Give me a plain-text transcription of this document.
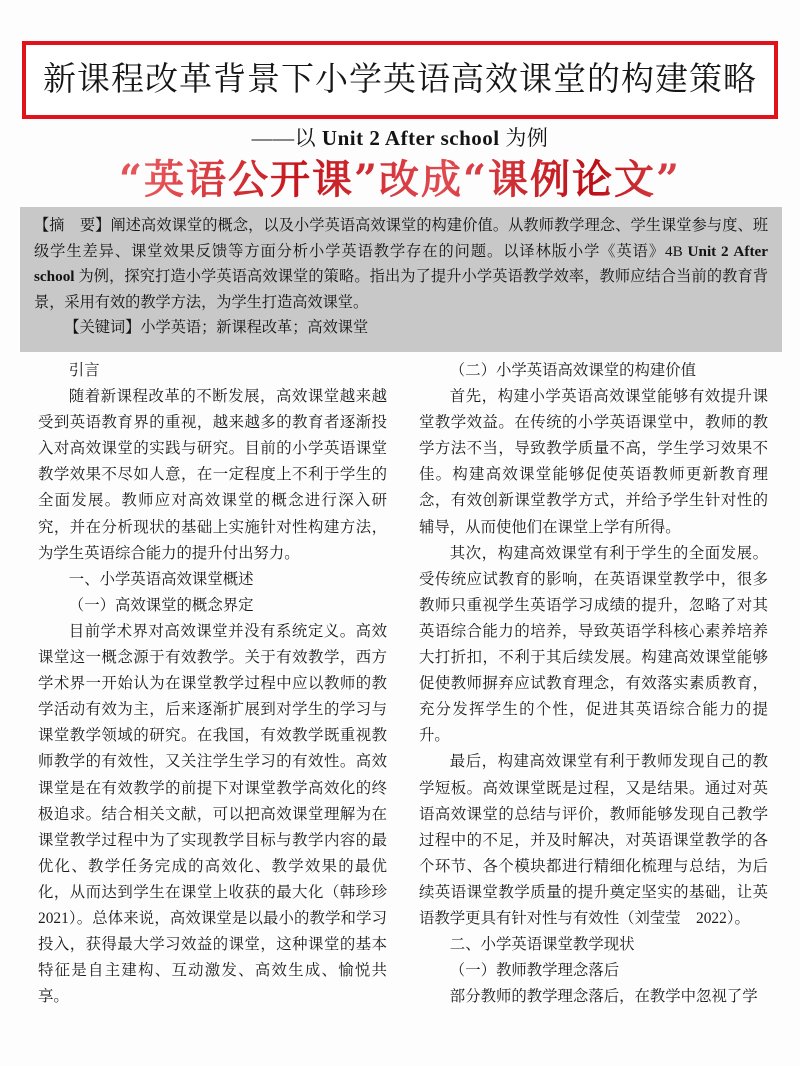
新课程改革背景下小学英语高效课堂的构建策略
——以 Unit 2 After school 为例
“英语公开课”改成“课例论文”
【摘　要】阐述高效课堂的概念，以及小学英语高效课堂的构建价值。从教师教学理念、学生课堂参与度、班级学生差异、课堂效果反馈等方面分析小学英语教学存在的问题。以译林版小学《英语》4B Unit 2 After school 为例，探究打造小学英语高效课堂的策略。指出为了提升小学英语教学效率，教师应结合当前的教育背景，采用有效的教学方法，为学生打造高效课堂。
【关键词】小学英语；新课程改革；高效课堂

引言

随着新课程改革的不断发展，高效课堂越来越受到英语教育界的重视，越来越多的教育者逐渐投入对高效课堂的实践与研究。目前的小学英语课堂教学效果不尽如人意，在一定程度上不利于学生的全面发展。教师应对高效课堂的概念进行深入研究，并在分析现状的基础上实施针对性构建方法，为学生英语综合能力的提升付出努力。

一、小学英语高效课堂概述

（一）高效课堂的概念界定

目前学术界对高效课堂并没有系统定义。高效课堂这一概念源于有效教学。关于有效教学，西方学术界一开始认为在课堂教学过程中应以教师的教学活动有效为主，后来逐渐扩展到对学生的学习与课堂教学领域的研究。在我国，有效教学既重视教师教学的有效性，又关注学生学习的有效性。高效课堂是在有效教学的前提下对课堂教学高效化的终极追求。结合相关文献，可以把高效课堂理解为在课堂教学过程中为了实现教学目标与教学内容的最优化、教学任务完成的高效化、教学效果的最优化，从而达到学生在课堂上收获的最大化（韩珍珍　2021）。总体来说，高效课堂是以最小的教学和学习投入，获得最大学习效益的课堂，这种课堂的基本特征是自主建构、互动激发、高效生成、愉悦共享。

（二）小学英语高效课堂的构建价值

首先，构建小学英语高效课堂能够有效提升课堂教学效益。在传统的小学英语课堂中，教师的教学方法不当，导致教学质量不高，学生学习效果不佳。构建高效课堂能够促使英语教师更新教育理念，有效创新课堂教学方式，并给予学生针对性的辅导，从而使他们在课堂上学有所得。

其次，构建高效课堂有利于学生的全面发展。受传统应试教育的影响，在英语课堂教学中，很多教师只重视学生英语学习成绩的提升，忽略了对其英语综合能力的培养，导致英语学科核心素养培养大打折扣，不利于其后续发展。构建高效课堂能够促使教师摒弃应试教育理念，有效落实素质教育，充分发挥学生的个性，促进其英语综合能力的提升。

最后，构建高效课堂有利于教师发现自己的教学短板。高效课堂既是过程，又是结果。通过对英语高效课堂的总结与评价，教师能够发现自己教学过程中的不足，并及时解决，对英语课堂教学的各个环节、各个模块都进行精细化梳理与总结，为后续英语课堂教学质量的提升奠定坚实的基础，让英语教学更具有针对性与有效性（刘莹莹　2022）。

二、小学英语课堂教学现状

（一）教师教学理念落后

部分教师的教学理念落后，在教学中忽视了学
